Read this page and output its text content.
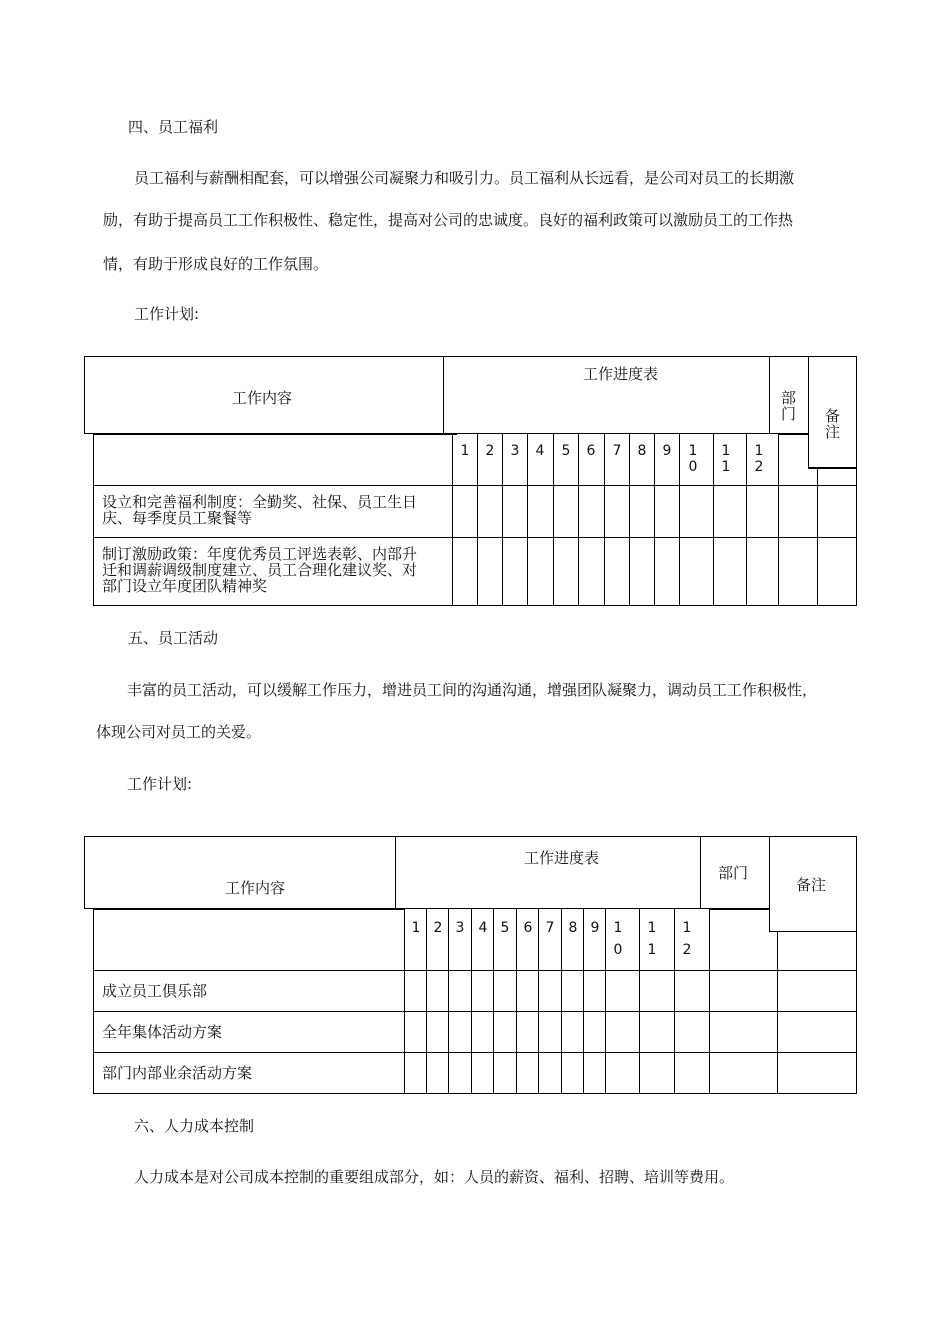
四、员工福利
员工福利与薪酬相配套，可以增强公司凝聚力和吸引力。员工福利从长远看，是公司对员工的长期激
励，有助于提高员工工作积极性、稳定性，提高对公司的忠诚度。良好的福利政策可以激励员工的工作热
情，有助于形成良好的工作氛围。
工作计划:
工作内容
工作进度表
部
门 备
注
1 2 3 4 5 6 7 8 9 1
0
1
1
1
2
设立和完善福利制度：全勤奖、社保、员工生日
庆、每季度员工聚餐等
制订激励政策：年度优秀员工评选表彰、内部升
迁和调薪调级制度建立、员工合理化建议奖、对
部门设立年度团队精神奖
五、员工活动
丰富的员工活动，可以缓解工作压力，增进员工间的沟通沟通，增强团队凝聚力，调动员工工作积极性，
体现公司对员工的关爱。
工作计划:
工作内容
工作进度表
部门
备注
1 2 3 4 5 6 7 8 9 1
0
1
1
1
2
成立员工俱乐部
全年集体活动方案
部门内部业余活动方案
六、人力成本控制
人力成本是对公司成本控制的重要组成部分，如：人员的薪资、福利、招聘、培训等费用。
